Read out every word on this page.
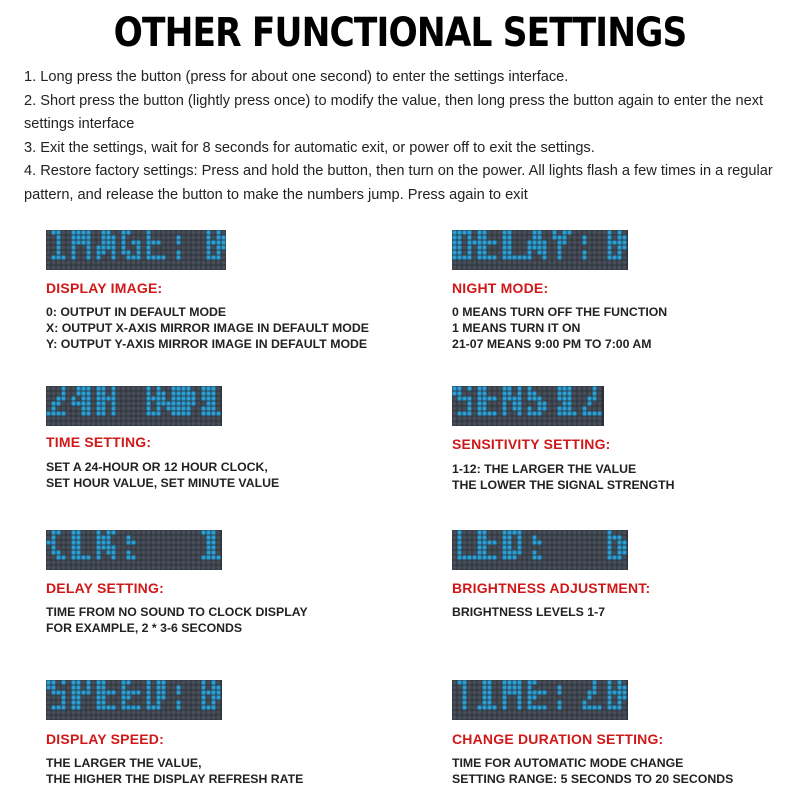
OTHER FUNCTIONAL SETTINGS

1. Long press the button (press for about one second) to enter the settings interface.

2. Short press the button (lightly press once) to modify the value, then long press the button again to enter the next settings interface

3. Exit the settings, wait for 8 seconds for automatic exit, or power off to exit the settings.

4. Restore factory settings: Press and hold the button, then turn on the power. All lights flash a few times in a regular pattern, and release the button to make the numbers jump. Press again to exit

DISPLAY IMAGE:
0: OUTPUT IN DEFAULT MODE
X: OUTPUT X-AXIS MIRROR IMAGE IN DEFAULT MODE
Y: OUTPUT Y-AXIS MIRROR IMAGE IN DEFAULT MODE
NIGHT MODE:
0 MEANS TURN OFF THE FUNCTION
1 MEANS TURN IT ON
21-07 MEANS 9:00 PM TO 7:00 AM
TIME SETTING:
SET A 24-HOUR OR 12 HOUR CLOCK,
SET HOUR VALUE, SET MINUTE VALUE
SENSITIVITY SETTING:
1-12: THE LARGER THE VALUE
THE LOWER THE SIGNAL STRENGTH
DELAY SETTING:
TIME FROM NO SOUND TO CLOCK DISPLAY
FOR EXAMPLE, 2 * 3-6 SECONDS
BRIGHTNESS ADJUSTMENT:
BRIGHTNESS LEVELS 1-7
DISPLAY SPEED:
THE LARGER THE VALUE,
THE HIGHER THE DISPLAY REFRESH RATE
CHANGE DURATION SETTING:
TIME FOR AUTOMATIC MODE CHANGE
SETTING RANGE: 5 SECONDS TO 20 SECONDS
